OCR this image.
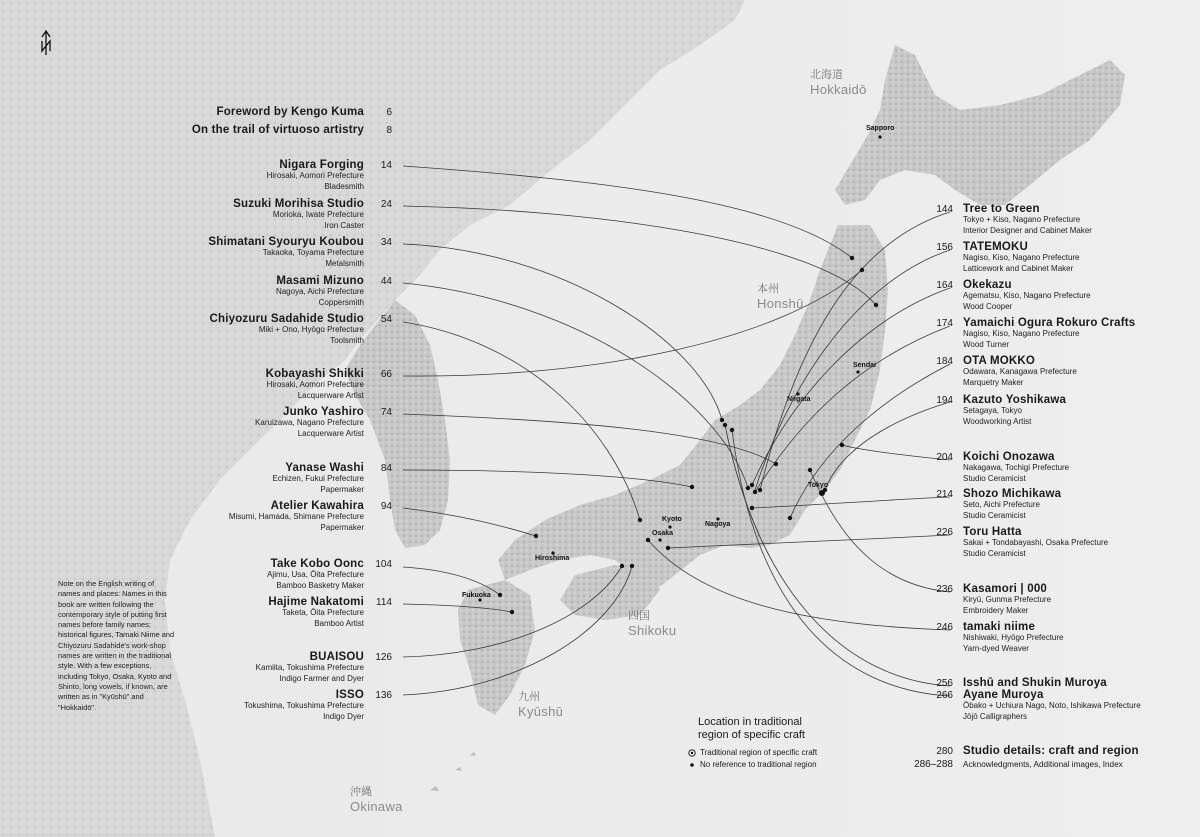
Foreword by Kengo Kuma	6
On the trail of virtuoso artistry	8
Nigara Forging	14
Hirosaki, Aomori Prefecture
Bladesmith
Suzuki Morihisa Studio	24
Morioka, Iwate Prefecture
Iron Caster
Shimatani Syouryu Koubou	34
Takaoka, Toyama Prefecture
Metalsmith
Masami Mizuno	44
Nagoya, Aichi Prefecture
Coppersmith
Chiyozuru Sadahide Studio	54
Miki + Ono, Hyōgo Prefecture
Toolsmith
Kobayashi Shikki	66
Hirosaki, Aomori Prefecture
Lacquerware Artist
Junko Yashiro	74
Karuizawa, Nagano Prefecture
Lacquerware Artist
Yanase Washi	84
Echizen, Fukui Prefecture
Papermaker
Atelier Kawahira	94
Misumi, Hamada, Shimane Prefecture
Papermaker
Take Kobo Oonc	104
Ajimu, Usa, Ōita Prefecture
Bamboo Basketry Maker
Hajime Nakatomi	114
Taketa, Ōita Prefecture
Bamboo Artist
BUAISOU	126
Kamiita, Tokushima Prefecture
Indigo Farmer and Dyer
ISSO	136
Tokushima, Tokushima Prefecture
Indigo Dyer
144 Tree to Green
Tokyo + Kiso, Nagano Prefecture
Interior Designer and Cabinet Maker
156 TATEMOKU
Nagiso, Kiso, Nagano Prefecture
Latticework and Cabinet Maker
164 Okekazu
Agematsu, Kiso, Nagano Prefecture
Wood Cooper
174 Yamaichi Ogura Rokuro Crafts
Nagiso, Kiso, Nagano Prefecture
Wood Turner
184 OTA MOKKO
Odawara, Kanagawa Prefecture
Marquetry Maker
194 Kazuto Yoshikawa
Setagaya, Tokyo
Woodworking Artist
204 Koichi Onozawa
Nakagawa, Tochigi Prefecture
Studio Ceramicist
214 Shozo Michikawa
Seto, Aichi Prefecture
Studio Ceramicist
226 Toru Hatta
Sakai + Tondabayashi, Osaka Prefecture
Studio Ceramicist
236 Kasamori | 000
Kiryū, Gunma Prefecture
Embroidery Maker
246 tamaki niime
Nishiwaki, Hyōgo Prefecture
Yarn-dyed Weaver
256 Isshū and Shukin Muroya
266 Ayane Muroya
Ōbako + Uchiura Nago, Noto, Ishikawa Prefecture
Jōjō Calligraphers
280 Studio details: craft and region
286–288 Acknowledgments, Additional images, Index
北海道
Hokkaidō
本州
Honshū
四国
Shikoku
九州
Kyūshū
沖縄
Okinawa
Sapporo
Sendai
Niigata
Tokyo
Kyoto
Nagoya
Osaka
Hiroshima
Fukuoka
Note on the English writing of names and places: Names in this book are written following the contemporary style of putting first names before family names; historical figures, Tamaki Niime and Chiyozuru Sadahide's work-shop names are written in the traditional style. With a few exceptions, including Tokyo, Osaka, Kyoto and Shinto, long vowels, if known, are written as in "Kyūshū" and "Hokkaidō".
Location in traditional
region of specific craft
Traditional region of specific craft
No reference to traditional region
